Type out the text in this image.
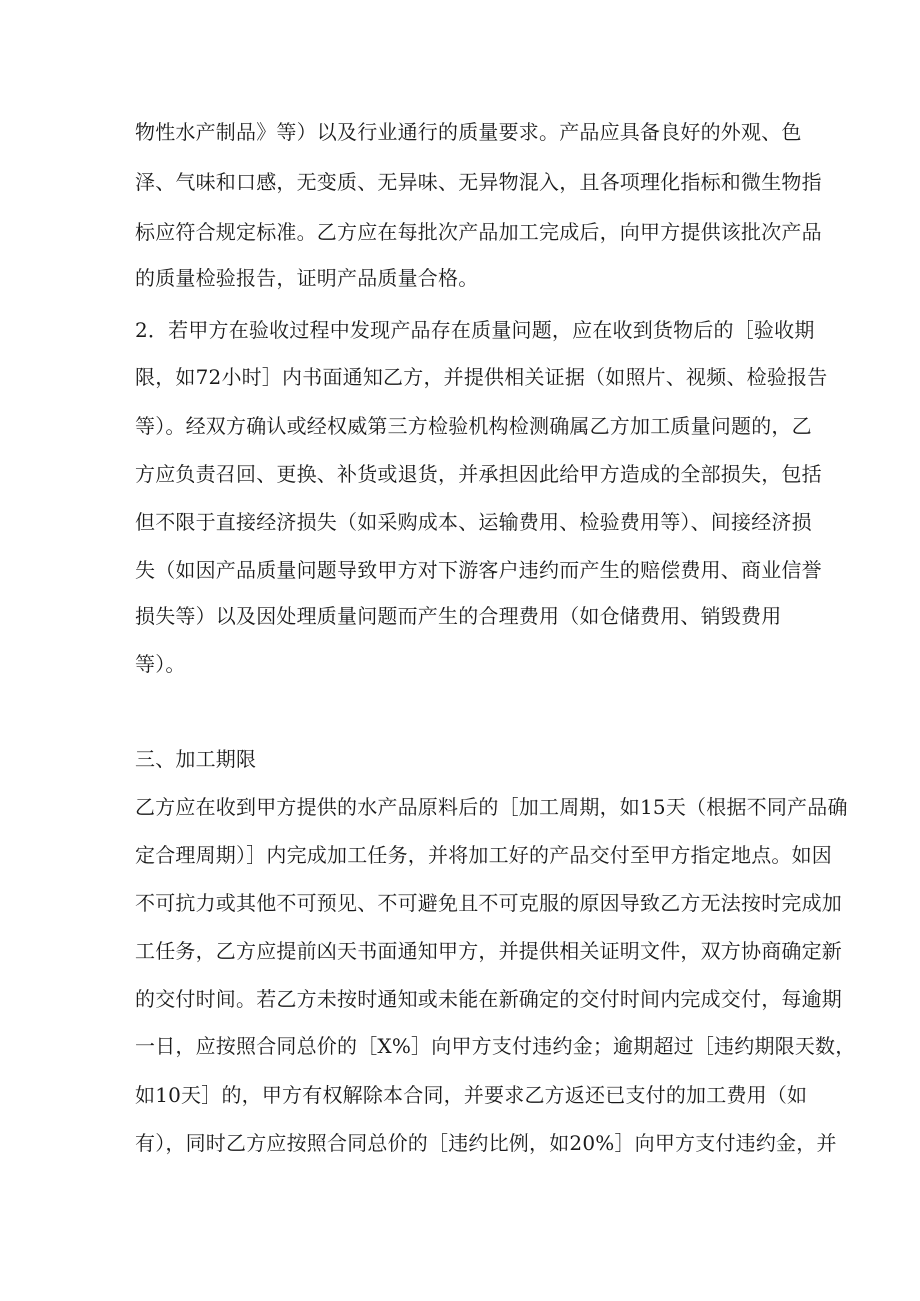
物性水产制品》等）以及行业通行的质量要求。产品应具备良好的外观、色
泽、气味和口感，无变质、无异味、无异物混入，且各项理化指标和微生物指
标应符合规定标准。乙方应在每批次产品加工完成后，向甲方提供该批次产品
的质量检验报告，证明产品质量合格。
2．若甲方在验收过程中发现产品存在质量问题，应在收到货物后的［验收期
限，如72小时］内书面通知乙方，并提供相关证据（如照片、视频、检验报告
等）。经双方确认或经权威第三方检验机构检测确属乙方加工质量问题的，乙
方应负责召回、更换、补货或退货，并承担因此给甲方造成的全部损失，包括
但不限于直接经济损失（如采购成本、运输费用、检验费用等）、间接经济损
失（如因产品质量问题导致甲方对下游客户违约而产生的赔偿费用、商业信誉
损失等）以及因处理质量问题而产生的合理费用（如仓储费用、销毁费用
等）。
三、加工期限
乙方应在收到甲方提供的水产品原料后的［加工周期，如15天（根据不同产品确
定合理周期）］内完成加工任务，并将加工好的产品交付至甲方指定地点。如因
不可抗力或其他不可预见、不可避免且不可克服的原因导致乙方无法按时完成加
工任务，乙方应提前凶天书面通知甲方，并提供相关证明文件，双方协商确定新
的交付时间。若乙方未按时通知或未能在新确定的交付时间内完成交付，每逾期
一日，应按照合同总价的［X%］向甲方支付违约金；逾期超过［违约期限天数，
如10天］的，甲方有权解除本合同，并要求乙方返还已支付的加工费用（如
有），同时乙方应按照合同总价的［违约比例，如20%］向甲方支付违约金，并
